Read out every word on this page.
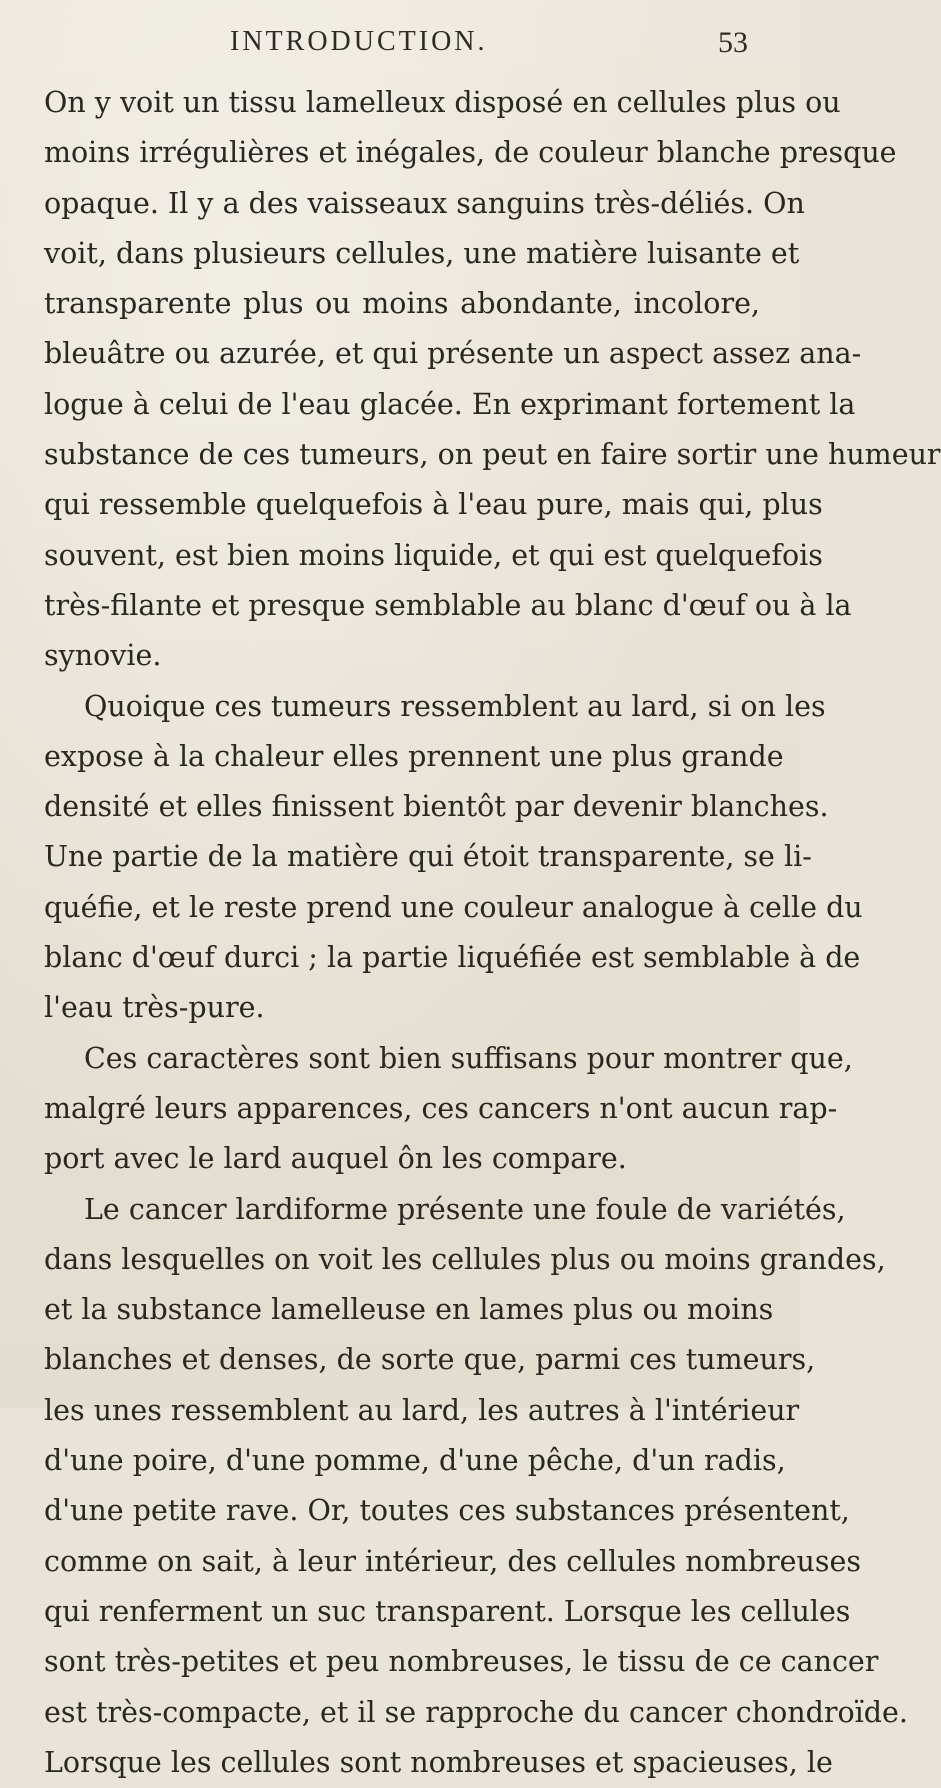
INTRODUCTION.	53
On y voit un tissu lamelleux disposé en cellules plus ou
moins irrégulières et inégales, de couleur blanche presque
opaque. Il y a des vaisseaux sanguins très-déliés. On
voit, dans plusieurs cellules, une matière luisante et
transparente plus ou moins abondante, incolore,
bleuâtre ou azurée, et qui présente un aspect assez ana-
logue à celui de l'eau glacée. En exprimant fortement la
substance de ces tumeurs, on peut en faire sortir une humeur
qui ressemble quelquefois à l'eau pure, mais qui, plus
souvent, est bien moins liquide, et qui est quelquefois
très-filante et presque semblable au blanc d'œuf ou à la
synovie.
Quoique ces tumeurs ressemblent au lard, si on les
expose à la chaleur elles prennent une plus grande
densité et elles finissent bientôt par devenir blanches.
Une partie de la matière qui étoit transparente, se li-
quéfie, et le reste prend une couleur analogue à celle du
blanc d'œuf durci ; la partie liquéfiée est semblable à de
l'eau très-pure.
Ces caractères sont bien suffisans pour montrer que,
malgré leurs apparences, ces cancers n'ont aucun rap-
port avec le lard auquel ôn les compare.
Le cancer lardiforme présente une foule de variétés,
dans lesquelles on voit les cellules plus ou moins grandes,
et la substance lamelleuse en lames plus ou moins
blanches et denses, de sorte que, parmi ces tumeurs,
les unes ressemblent au lard, les autres à l'intérieur
d'une poire, d'une pomme, d'une pêche, d'un radis,
d'une petite rave. Or, toutes ces substances présentent,
comme on sait, à leur intérieur, des cellules nombreuses
qui renferment un suc transparent. Lorsque les cellules
sont très-petites et peu nombreuses, le tissu de ce cancer
est très-compacte, et il se rapproche du cancer chondroïde.
Lorsque les cellules sont nombreuses et spacieuses, le
